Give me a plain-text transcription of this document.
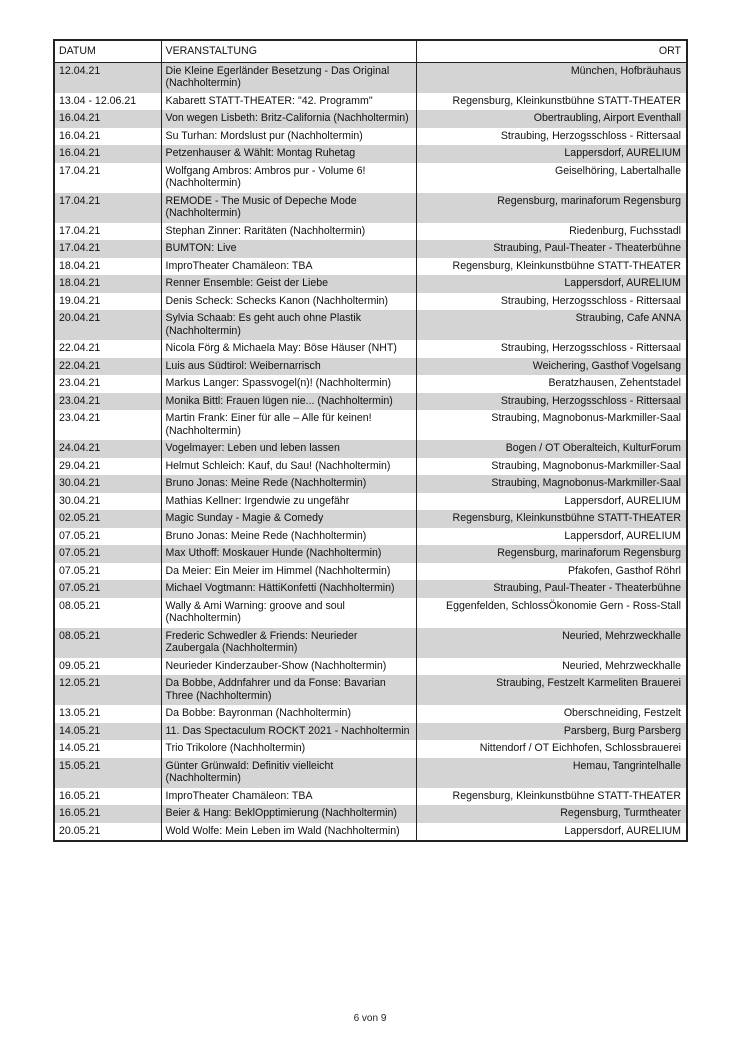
DATUM	VERANSTALTUNG	ORT
12.04.21	Die Kleine Egerländer Besetzung - Das Original (Nachholtermin)	München, Hofbräuhaus
13.04 - 12.06.21	Kabarett STATT-THEATER: "42. Programm"	Regensburg, Kleinkunstbühne STATT-THEATER
16.04.21	Von wegen Lisbeth: Britz-California (Nachholtermin)	Obertraubling, Airport Eventhall
16.04.21	Su Turhan: Mordslust pur (Nachholtermin)	Straubing, Herzogsschloss - Rittersaal
16.04.21	Petzenhauser & Wählt: Montag Ruhetag	Lappersdorf, AURELIUM
17.04.21	Wolfgang Ambros: Ambros pur - Volume 6! (Nachholtermin)	Geiselhöring, Labertalhalle
17.04.21	REMODE - The Music of Depeche Mode (Nachholtermin)	Regensburg, marinaforum Regensburg
17.04.21	Stephan Zinner: Raritäten (Nachholtermin)	Riedenburg, Fuchsstadl
17.04.21	BUMTON: Live	Straubing, Paul-Theater - Theaterbühne
18.04.21	ImproTheater Chamäleon: TBA	Regensburg, Kleinkunstbühne STATT-THEATER
18.04.21	Renner Ensemble: Geist der Liebe	Lappersdorf, AURELIUM
19.04.21	Denis Scheck: Schecks Kanon (Nachholtermin)	Straubing, Herzogsschloss - Rittersaal
20.04.21	Sylvia Schaab: Es geht auch ohne Plastik (Nachholtermin)	Straubing, Cafe ANNA
22.04.21	Nicola Förg & Michaela May: Böse Häuser (NHT)	Straubing, Herzogsschloss - Rittersaal
22.04.21	Luis aus Südtirol: Weibernarrisch	Weichering, Gasthof Vogelsang
23.04.21	Markus Langer: Spassvogel(n)! (Nachholtermin)	Beratzhausen, Zehentstadel
23.04.21	Monika Bittl: Frauen lügen nie... (Nachholtermin)	Straubing, Herzogsschloss - Rittersaal
23.04.21	Martin Frank: Einer für alle – Alle für keinen! (Nachholtermin)	Straubing, Magnobonus-Markmiller-Saal
24.04.21	Vogelmayer: Leben und leben lassen	Bogen / OT Oberalteich, KulturForum
29.04.21	Helmut Schleich: Kauf, du Sau! (Nachholtermin)	Straubing, Magnobonus-Markmiller-Saal
30.04.21	Bruno Jonas: Meine Rede (Nachholtermin)	Straubing, Magnobonus-Markmiller-Saal
30.04.21	Mathias Kellner: Irgendwie zu ungefähr	Lappersdorf, AURELIUM
02.05.21	Magic Sunday - Magie & Comedy	Regensburg, Kleinkunstbühne STATT-THEATER
07.05.21	Bruno Jonas: Meine Rede (Nachholtermin)	Lappersdorf, AURELIUM
07.05.21	Max Uthoff: Moskauer Hunde (Nachholtermin)	Regensburg, marinaforum Regensburg
07.05.21	Da Meier: Ein Meier im Himmel (Nachholtermin)	Pfakofen, Gasthof Röhrl
07.05.21	Michael Vogtmann: HättiKonfetti (Nachholtermin)	Straubing, Paul-Theater - Theaterbühne
08.05.21	Wally & Ami Warning: groove and soul (Nachholtermin)	Eggenfelden, SchlossÖkonomie Gern - Ross-Stall
08.05.21	Frederic Schwedler & Friends: Neurieder Zaubergala (Nachholtermin)	Neuried, Mehrzweckhalle
09.05.21	Neurieder Kinderzauber-Show (Nachholtermin)	Neuried, Mehrzweckhalle
12.05.21	Da Bobbe, Addnfahrer und da Fonse: Bavarian Three (Nachholtermin)	Straubing, Festzelt Karmeliten Brauerei
13.05.21	Da Bobbe: Bayronman (Nachholtermin)	Oberschneiding, Festzelt
14.05.21	11. Das Spectaculum ROCKT 2021 - Nachholtermin	Parsberg, Burg Parsberg
14.05.21	Trio Trikolore (Nachholtermin)	Nittendorf / OT Eichhofen, Schlossbrauerei
15.05.21	Günter Grünwald: Definitiv vielleicht (Nachholtermin)	Hemau, Tangrintelhalle
16.05.21	ImproTheater Chamäleon: TBA	Regensburg, Kleinkunstbühne STATT-THEATER
16.05.21	Beier & Hang: BeklOpptimierung (Nachholtermin)	Regensburg, Turmtheater
20.05.21	Wold Wolfe: Mein Leben im Wald (Nachholtermin)	Lappersdorf, AURELIUM
6 von 9
